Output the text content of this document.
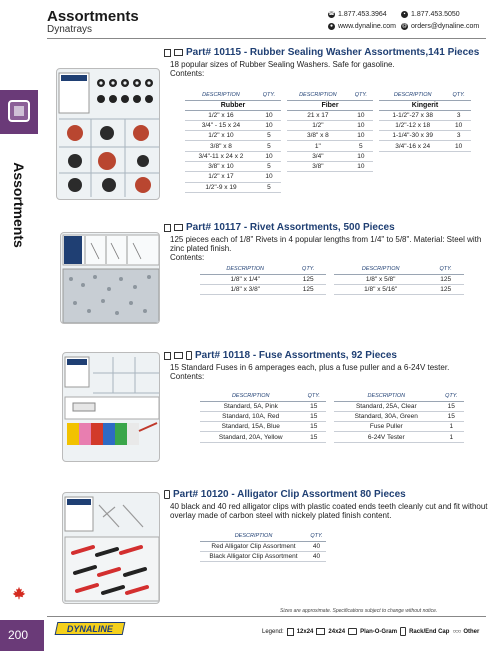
Assortments
Dynatrays
☎ 1.877.453.3964	▪ 1.877.453.5050
● www.dynaline.com @ orders@dynaline.com
Assortments
200
Part# 10115 - Rubber Sealing Washer Assortments,141 Pieces
18 popular sizes of Rubber Sealing Washers. Safe for gasoline.
Contents:
DESCRIPTION	QTY.
Rubber	
1/2" x 16	10
3/4" - 15 x 24	10
1/2" x 10	5
3/8" x 8	5
3/4"-11 x 24 x 2	10
3/8" x 10	5
1/2" x 17	10
1/2"-9 x 19	5
DESCRIPTION	QTY.
Fiber	
21 x 17	10
1/2"	10
3/8" x 8	10
1"	5
3/4"	10
3/8"	10
DESCRIPTION	QTY.
Kingerit	
1-1/2"-27 x 38	3
1/2"-12 x 18	10
1-1/4"-30 x 39	3
3/4"-16 x 24	10
Part# 10117 - Rivet Assortments, 500 Pieces
125 pieces each of 1/8" Rivets in 4 popular lengths from 1/4" to 5/8". Material: Steel with zinc plated finish.
Contents:
DESCRIPTION	QTY.
1/8" x 1/4"	125
1/8" x 3/8"	125
DESCRIPTION	QTY.
1/8" x 5/8"	125
1/8" x 5/16"	125
Part# 10118 - Fuse Assortments, 92 Pieces
15 Standard Fuses in 6 amperages each, plus a fuse puller and a 6-24V tester.
Contents:
DESCRIPTION	QTY.
Standard, 5A, Pink	15
Standard, 10A, Red	15
Standard, 15A, Blue	15
Standard, 20A, Yellow	15
DESCRIPTION	QTY.
Standard, 25A, Clear	15
Standard, 30A, Green	15
Fuse Puller	1
6-24V Tester	1
Part# 10120 - Alligator Clip Assortment 80 Pieces
40 black and 40 red alligator clips with plastic coated ends teeth cleanly cut and fit without overlay made of carbon steel with nickely plated finish content.
DESCRIPTION	QTY.
Red Alligator Clip Assortment	40
Black Alligator Clip Assortment	40
Sizes are approximate. Specifications subject to change without notice.
DYNALINE	Legend: 12x24	24x24	Plan-O-Gram Rack/End Cap ○○○ Other
